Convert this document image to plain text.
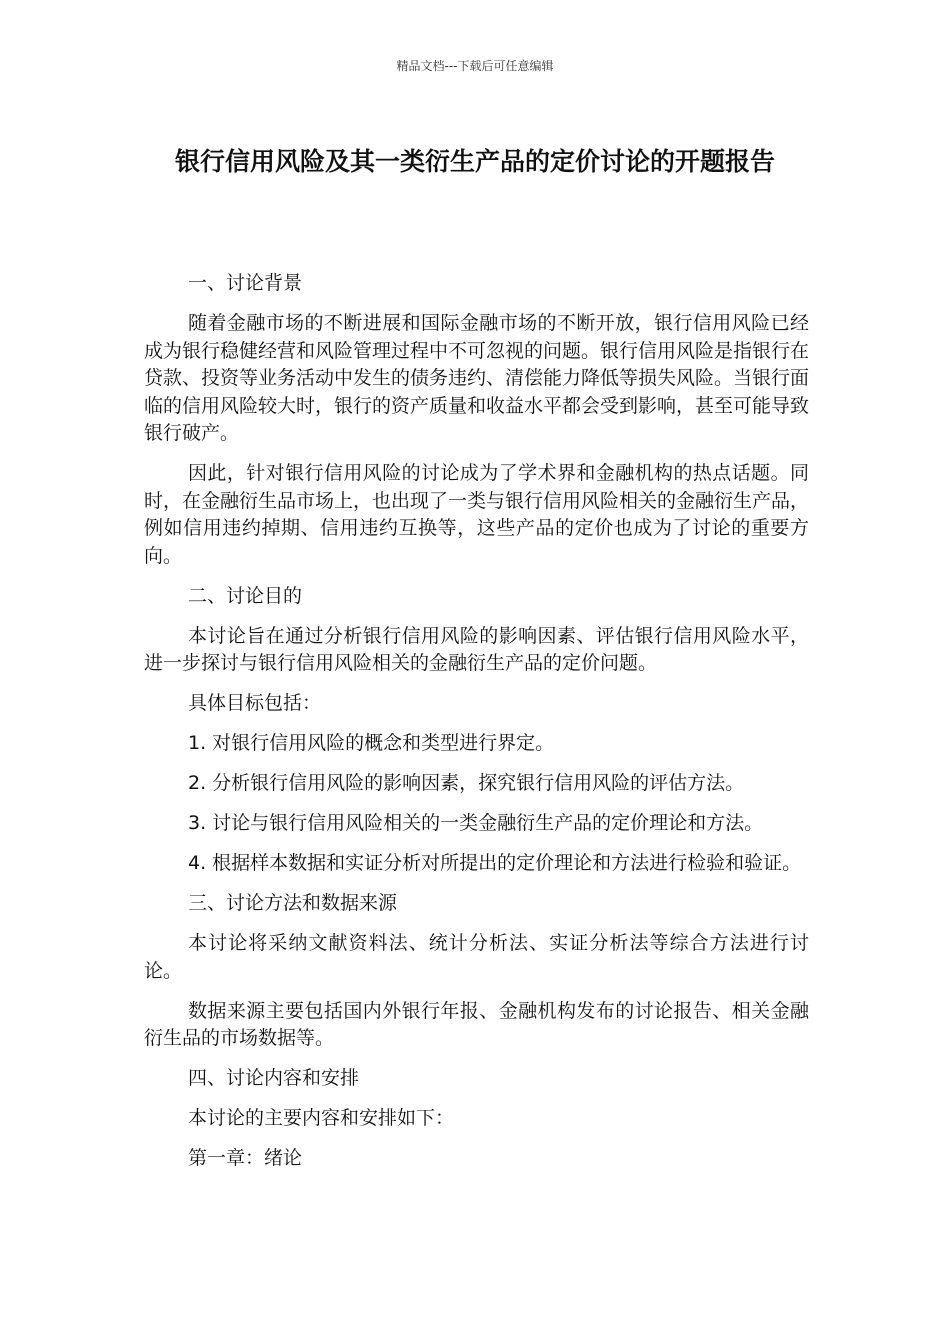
精品文档---下载后可任意编辑
银行信用风险及其一类衍生产品的定价讨论的开题报告

一、讨论背景

随着金融市场的不断进展和国际金融市场的不断开放，银行信用风险已经成为银行稳健经营和风险管理过程中不可忽视的问题。银行信用风险是指银行在贷款、投资等业务活动中发生的债务违约、清偿能力降低等损失风险。当银行面临的信用风险较大时，银行的资产质量和收益水平都会受到影响，甚至可能导致银行破产。

因此，针对银行信用风险的讨论成为了学术界和金融机构的热点话题。同时，在金融衍生品市场上，也出现了一类与银行信用风险相关的金融衍生产品，例如信用违约掉期、信用违约互换等，这些产品的定价也成为了讨论的重要方向。

二、讨论目的

本讨论旨在通过分析银行信用风险的影响因素、评估银行信用风险水平，进一步探讨与银行信用风险相关的金融衍生产品的定价问题。

具体目标包括：

1. 对银行信用风险的概念和类型进行界定。

2. 分析银行信用风险的影响因素，探究银行信用风险的评估方法。

3. 讨论与银行信用风险相关的一类金融衍生产品的定价理论和方法。

4. 根据样本数据和实证分析对所提出的定价理论和方法进行检验和验证。

三、讨论方法和数据来源

本讨论将采纳文献资料法、统计分析法、实证分析法等综合方法进行讨论。

数据来源主要包括国内外银行年报、金融机构发布的讨论报告、相关金融衍生品的市场数据等。

四、讨论内容和安排

本讨论的主要内容和安排如下：

第一章：绪论
